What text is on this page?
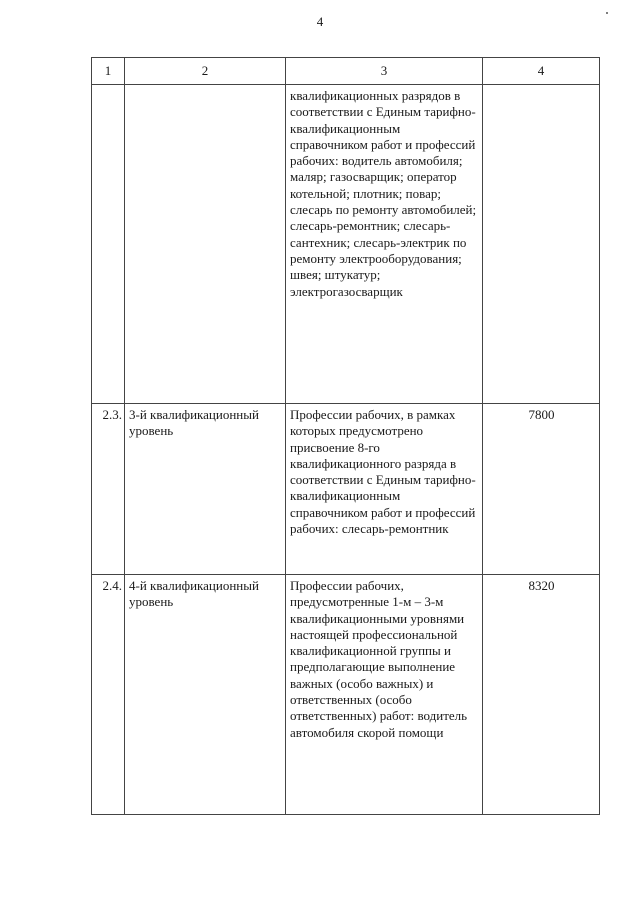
4
1	2	3	4

		квалификационных разрядов в соответствии с Единым тарифно-квалификационным справочником работ и профессий рабочих: водитель автомобиля; маляр; газосварщик; оператор котельной; плотник; повар; слесарь по ремонту автомобилей; слесарь-ремонтник; слесарь-сантехник; слесарь-электрик по ремонту электрооборудования; швея; штукатур; электрогазосварщик	

2.3.	3-й квалификационный уровень	Профессии рабочих, в рамках которых предусмотрено присвоение 8-го квалификационного разряда в соответствии с Единым тарифно-квалификационным справочником работ и профессий рабочих: слесарь-ремонтник	7800

2.4.	4-й квалификационный уровень	Профессии рабочих, предусмотренные 1-м – 3-м квалификационными уровнями настоящей профессиональной квалификационной группы и предполагающие выполнение важных (особо важных) и ответственных (особо ответственных) работ: водитель автомобиля скорой помощи	8320
